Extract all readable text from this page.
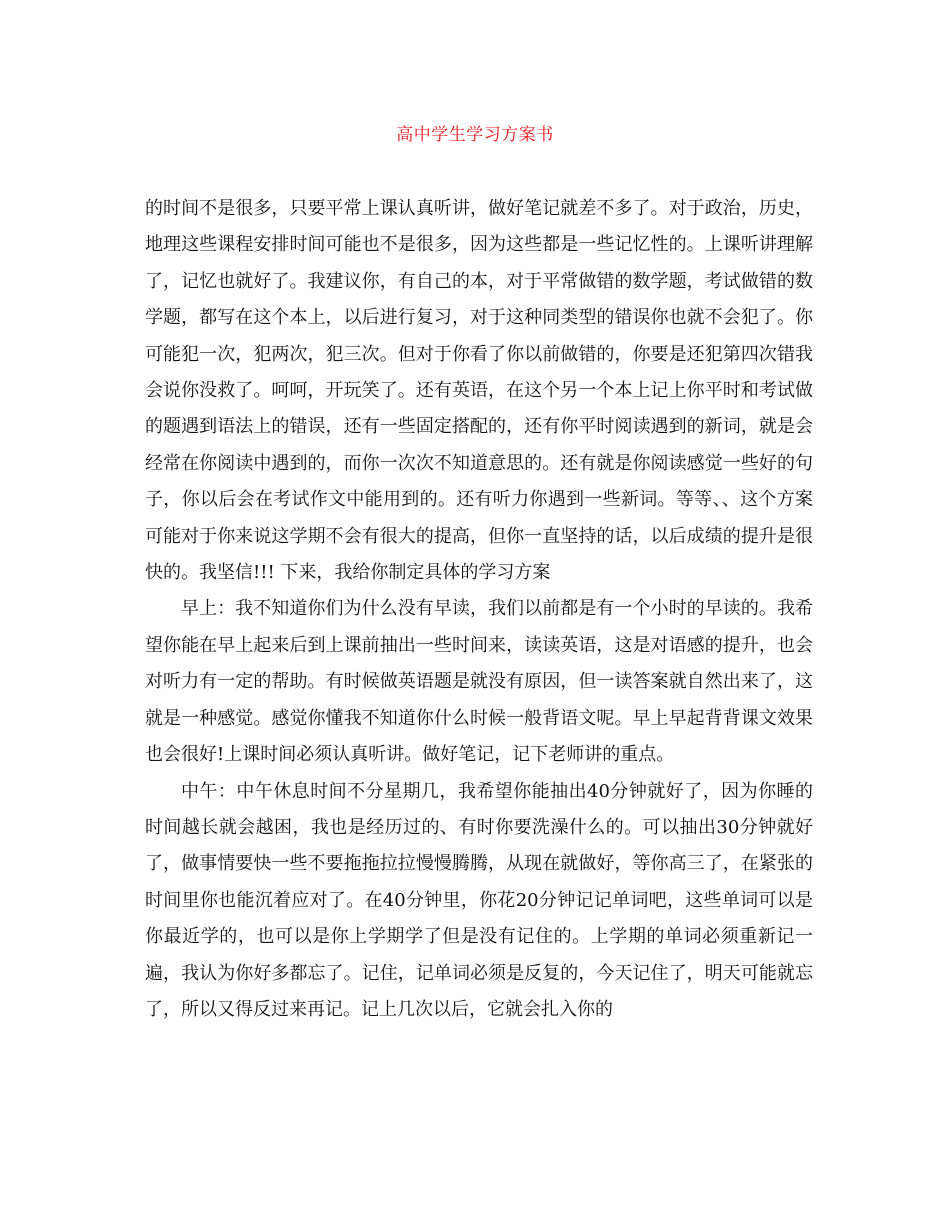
高中学生学习方案书

的时间不是很多，只要平常上课认真听讲，做好笔记就差不多了。对于政治，历史，地理这些课程安排时间可能也不是很多，因为这些都是一些记忆性的。上课听讲理解了，记忆也就好了。我建议你，有自己的本，对于平常做错的数学题，考试做错的数学题，都写在这个本上，以后进行复习，对于这种同类型的错误你也就不会犯了。你可能犯一次，犯两次，犯三次。但对于你看了你以前做错的，你要是还犯第四次错我会说你没救了。呵呵，开玩笑了。还有英语，在这个另一个本上记上你平时和考试做的题遇到语法上的错误，还有一些固定搭配的，还有你平时阅读遇到的新词，就是会经常在你阅读中遇到的，而你一次次不知道意思的。还有就是你阅读感觉一些好的句子，你以后会在考试作文中能用到的。还有听力你遇到一些新词。等等、、这个方案可能对于你来说这学期不会有很大的提高，但你一直坚持的话，以后成绩的提升是很快的。我坚信!!! 下来，我给你制定具体的学习方案

早上：我不知道你们为什么没有早读，我们以前都是有一个小时的早读的。我希望你能在早上起来后到上课前抽出一些时间来，读读英语，这是对语感的提升，也会对听力有一定的帮助。有时候做英语题是就没有原因，但一读答案就自然出来了，这就是一种感觉。感觉你懂我不知道你什么时候一般背语文呢。早上早起背背课文效果也会很好!上课时间必须认真听讲。做好笔记，记下老师讲的重点。

中午：中午休息时间不分星期几，我希望你能抽出40分钟就好了，因为你睡的时间越长就会越困，我也是经历过的、有时你要洗澡什么的。可以抽出30分钟就好了，做事情要快一些不要拖拖拉拉慢慢腾腾，从现在就做好，等你高三了，在紧张的时间里你也能沉着应对了。在40分钟里，你花20分钟记记单词吧，这些单词可以是你最近学的，也可以是你上学期学了但是没有记住的。上学期的单词必须重新记一遍，我认为你好多都忘了。记住，记单词必须是反复的，今天记住了，明天可能就忘了，所以又得反过来再记。记上几次以后，它就会扎入你的
